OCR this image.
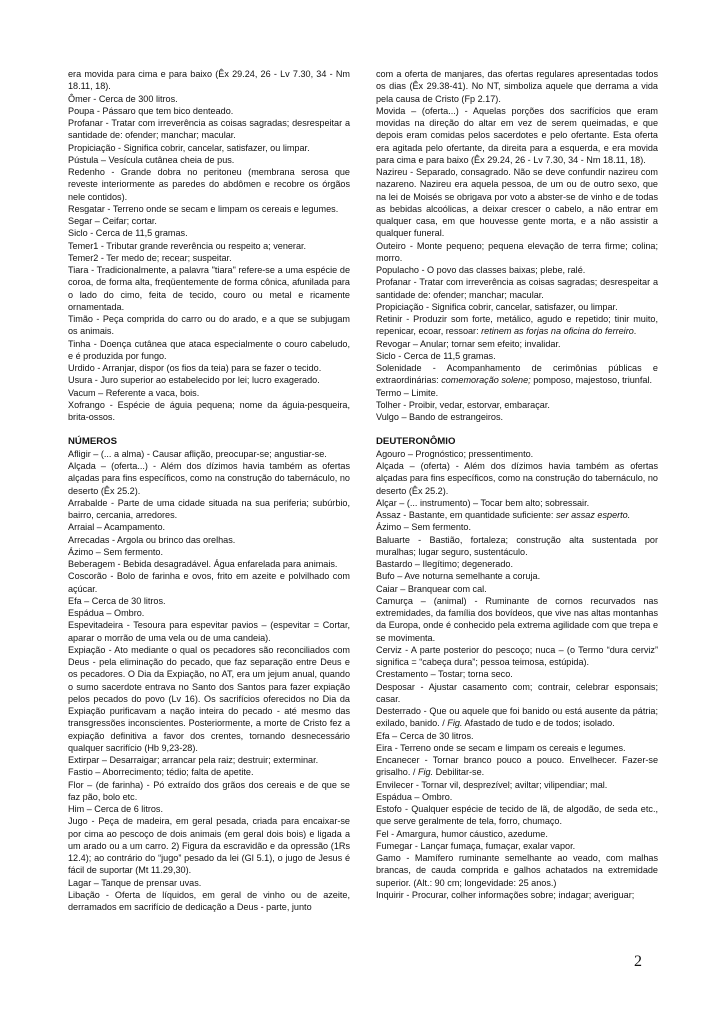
era movida para cima e para baixo (Êx 29.24, 26 - Lv 7.30, 34 - Nm 18.11, 18).

Ômer - Cerca de 300 litros.

Poupa - Pássaro que tem bico denteado.

Profanar - Tratar com irreverência as coisas sagradas; desrespeitar a santidade de: ofender; manchar; macular.

Propiciação - Significa cobrir, cancelar, satisfazer, ou limpar.

Pústula – Vesícula cutânea cheia de pus.

Redenho - Grande dobra no peritoneu (membrana serosa que reveste interiormente as paredes do abdômen e recobre os órgãos nele contidos).

Resgatar - Terreno onde se secam e limpam os cereais e legumes.

Segar – Ceifar; cortar.

Siclo - Cerca de 11,5 gramas.

Temer1 - Tributar grande reverência ou respeito a; venerar.

Temer2 - Ter medo de; recear; suspeitar.

Tiara - Tradicionalmente, a palavra "tiara" refere-se a uma espécie de coroa, de forma alta, freqüentemente de forma cônica, afunilada para o lado do cimo, feita de tecido, couro ou metal e ricamente ornamentada.

Timão - Peça comprida do carro ou do arado, e a que se subjugam os animais.

Tinha - Doença cutânea que ataca especialmente o couro cabeludo, e é produzida por fungo.

Urdido - Arranjar, dispor (os fios da teia) para se fazer o tecido.

Usura - Juro superior ao estabelecido por lei; lucro exagerado.

Vacum – Referente a vaca, bois.

Xofrango - Espécie de águia pequena; nome da águia-pesqueira, brita-ossos.

NÚMEROS

Afligir – (... a alma) - Causar aflição, preocupar-se; angustiar-se.

Alçada – (oferta...) - Além dos dízimos havia também as ofertas alçadas para fins específicos, como na construção do tabernáculo, no deserto (Êx 25.2).

Arrabalde - Parte de uma cidade situada na sua periferia; subúrbio, bairro, cercania, arredores.

Arraial – Acampamento.

Arrecadas - Argola ou brinco das orelhas.

Ázimo – Sem fermento.

Beberagem - Bebida desagradável. Água enfarelada para animais.

Coscorão - Bolo de farinha e ovos, frito em azeite e polvilhado com açúcar.

Efa – Cerca de 30 litros.

Espádua – Ombro.

Espevitadeira - Tesoura para espevitar pavios – (espevitar = Cortar, aparar o morrão de uma vela ou de uma candeia).

Expiação - Ato mediante o qual os pecadores são reconciliados com Deus - pela eliminação do pecado, que faz separação entre Deus e os pecadores. O Dia da Expiação, no AT, era um jejum anual, quando o sumo sacerdote entrava no Santo dos Santos para fazer expiação pelos pecados do povo (Lv 16). Os sacrifícios oferecidos no Dia da Expiação purificavam a nação inteira do pecado - até mesmo das transgressões inconscientes. Posteriormente, a morte de Cristo fez a expiação definitiva a favor dos crentes, tornando desnecessário qualquer sacrifício (Hb 9,23-28).

Extirpar – Desarraigar; arrancar pela raiz; destruir; exterminar.

Fastio – Aborrecimento; tédio; falta de apetite.

Flor – (de farinha) - Pó extraído dos grãos dos cereais e de que se faz pão, bolo etc.

Him – Cerca de 6 litros.

Jugo - Peça de madeira, em geral pesada, criada para encaixar-se por cima ao pescoço de dois animais (em geral dois bois) e ligada a um arado ou a um carro. 2) Figura da escravidão e da opressão (1Rs 12.4); ao contrário do “jugo” pesado da lei (Gl 5.1), o jugo de Jesus é fácil de suportar (Mt 11.29,30).

Lagar – Tanque de prensar uvas.

Libação - Oferta de líquidos, em geral de vinho ou de azeite, derramados em sacrifício de dedicação a Deus - parte, junto

com a oferta de manjares, das ofertas regulares apresentadas todos os dias (Êx 29.38-41). No NT, simboliza aquele que derrama a vida pela causa de Cristo (Fp 2.17).

Movida – (oferta...) - Aquelas porções dos sacrifícios que eram movidas na direção do altar em vez de serem queimadas, e que depois eram comidas pelos sacerdotes e pelo ofertante. Esta oferta era agitada pelo ofertante, da direita para a esquerda, e era movida para cima e para baixo (Êx 29.24, 26 - Lv 7.30, 34 - Nm 18.11, 18).

Nazireu - Separado, consagrado. Não se deve confundir nazireu com nazareno. Nazireu era aquela pessoa, de um ou de outro sexo, que na lei de Moisés se obrigava por voto a abster-se de vinho e de todas as bebidas alcoólicas, a deixar crescer o cabelo, a não entrar em qualquer casa, em que houvesse gente morta, e a não assistir a qualquer funeral.

Outeiro - Monte pequeno; pequena elevação de terra firme; colina; morro.

Populacho - O povo das classes baixas; plebe, ralé.

Profanar - Tratar com irreverência as coisas sagradas; desrespeitar a santidade de: ofender; manchar; macular.

Propiciação - Significa cobrir, cancelar, satisfazer, ou limpar.

Retinir - Produzir som forte, metálico, agudo e repetido; tinir muito, repenicar, ecoar, ressoar: retinem as forjas na oficina do ferreiro.

Revogar – Anular; tornar sem efeito; invalidar.

Siclo - Cerca de 11,5 gramas.

Solenidade - Acompanhamento de cerimônias públicas e extraordinárias: comemoração solene; pomposo, majestoso, triunfal.

Termo – Limite.

Tolher - Proibir, vedar, estorvar, embaraçar.

Vulgo – Bando de estrangeiros.

DEUTERONÔMIO

Agouro – Prognóstico; pressentimento.

Alçada – (oferta) - Além dos dízimos havia também as ofertas alçadas para fins específicos, como na construção do tabernáculo, no deserto (Êx 25.2).

Alçar – (... instrumento) – Tocar bem alto; sobressair.

Assaz - Bastante, em quantidade suficiente: ser assaz esperto.

Ázimo – Sem fermento.

Baluarte - Bastião, fortaleza; construção alta sustentada por muralhas; lugar seguro, sustentáculo.

Bastardo – Ilegítimo; degenerado.

Bufo – Ave noturna semelhante a coruja.

Caiar – Branquear com cal.

Camurça – (animal) - Ruminante de cornos recurvados nas extremidades, da família dos bovídeos, que vive nas altas montanhas da Europa, onde é conhecido pela extrema agilidade com que trepa e se movimenta.

Cerviz - A parte posterior do pescoço; nuca – (o Termo “dura cerviz” significa = “cabeça dura”; pessoa teimosa, estúpida).

Crestamento – Tostar; torna seco.

Desposar - Ajustar casamento com; contrair, celebrar esponsais; casar.

Desterrado - Que ou aquele que foi banido ou está ausente da pátria; exilado, banido. / Fig. Afastado de tudo e de todos; isolado.

Efa – Cerca de 30 litros.

Eira - Terreno onde se secam e limpam os cereais e legumes.

Encanecer - Tornar branco pouco a pouco. Envelhecer. Fazer-se grisalho. / Fig. Debilitar-se.

Envilecer - Tornar vil, desprezível; aviltar; vilipendiar; mal.

Espádua – Ombro.

Estofo - Qualquer espécie de tecido de lã, de algodão, de seda etc., que serve geralmente de tela, forro, chumaço.

Fel - Amargura, humor cáustico, azedume.

Fumegar - Lançar fumaça, fumaçar, exalar vapor.

Gamo - Mamífero ruminante semelhante ao veado, com malhas brancas, de cauda comprida e galhos achatados na extremidade superior. (Alt.: 90 cm; longevidade: 25 anos.)

Inquirir - Procurar, colher informações sobre; indagar; averiguar;

2
